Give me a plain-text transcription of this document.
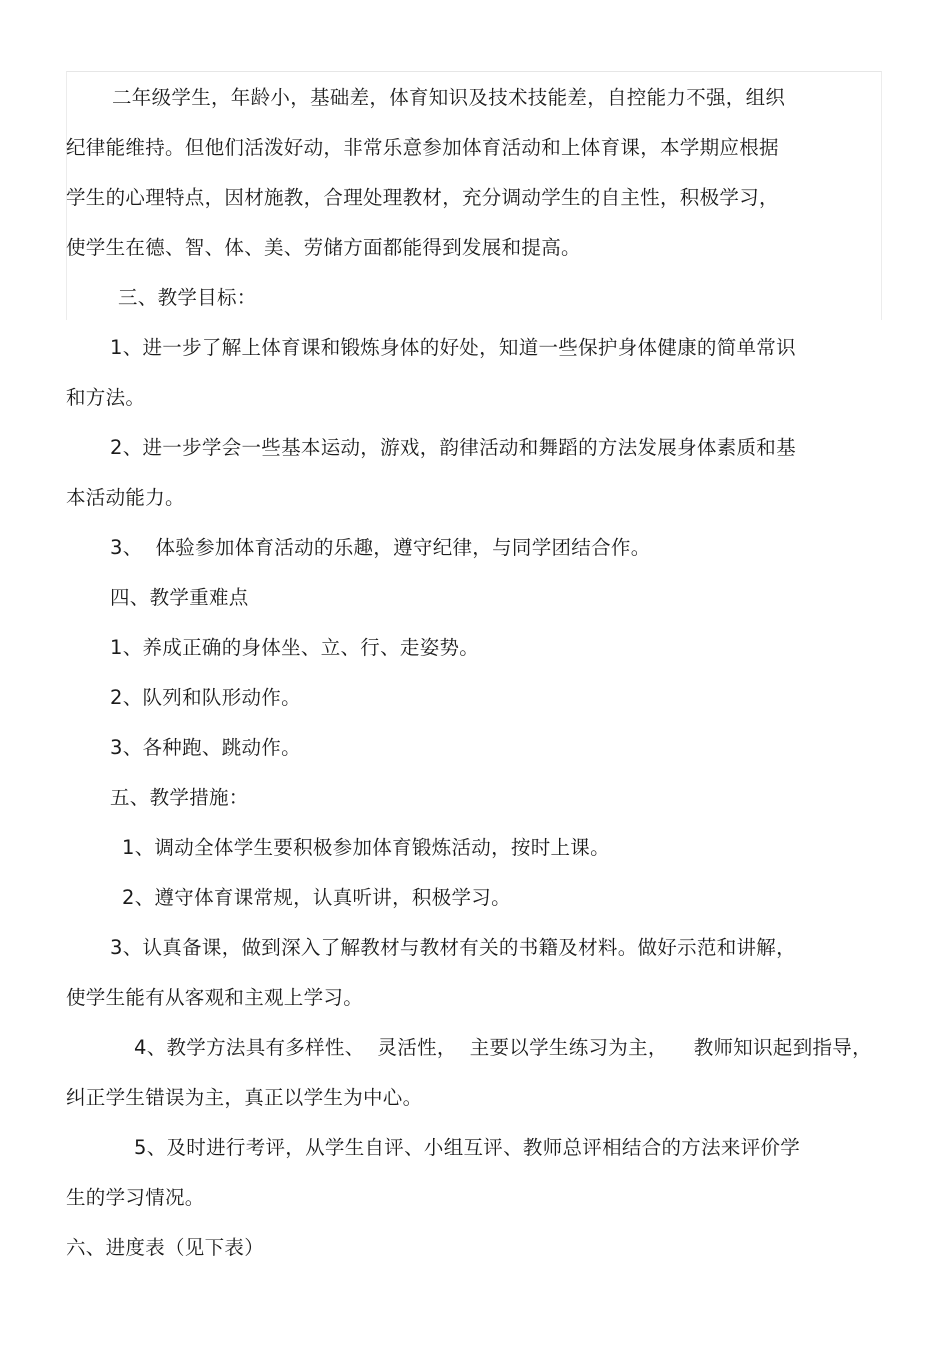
二年级学生，年龄小，基础差，体育知识及技术技能差，自控能力不强，组织
纪律能维持。但他们活泼好动，非常乐意参加体育活动和上体育课，本学期应根据
学生的心理特点，因材施教，合理处理教材，充分调动学生的自主性，积极学习，
使学生在德、智、体、美、劳储方面都能得到发展和提高。
三、教学目标：
1、进一步了解上体育课和锻炼身体的好处，知道一些保护身体健康的简单常识
和方法。
2、进一步学会一些基本运动，游戏，韵律活动和舞蹈的方法发展身体素质和基
本活动能力。
3、  体验参加体育活动的乐趣，遵守纪律，与同学团结合作。
四、教学重难点
1、养成正确的身体坐、立、行、走姿势。
2、队列和队形动作。
3、各种跑、跳动作。
五、教学措施：
1、调动全体学生要积极参加体育锻炼活动，按时上课。
2、遵守体育课常规，认真听讲，积极学习。
3、认真备课，做到深入了解教材与教材有关的书籍及材料。做好示范和讲解，
使学生能有从客观和主观上学习。
4、教学方法具有多样性、  灵活性，  主要以学生练习为主，    教师知识起到指导，
纠正学生错误为主，真正以学生为中心。
5、及时进行考评，从学生自评、小组互评、教师总评相结合的方法来评价学
生的学习情况。
六、进度表（见下表）
